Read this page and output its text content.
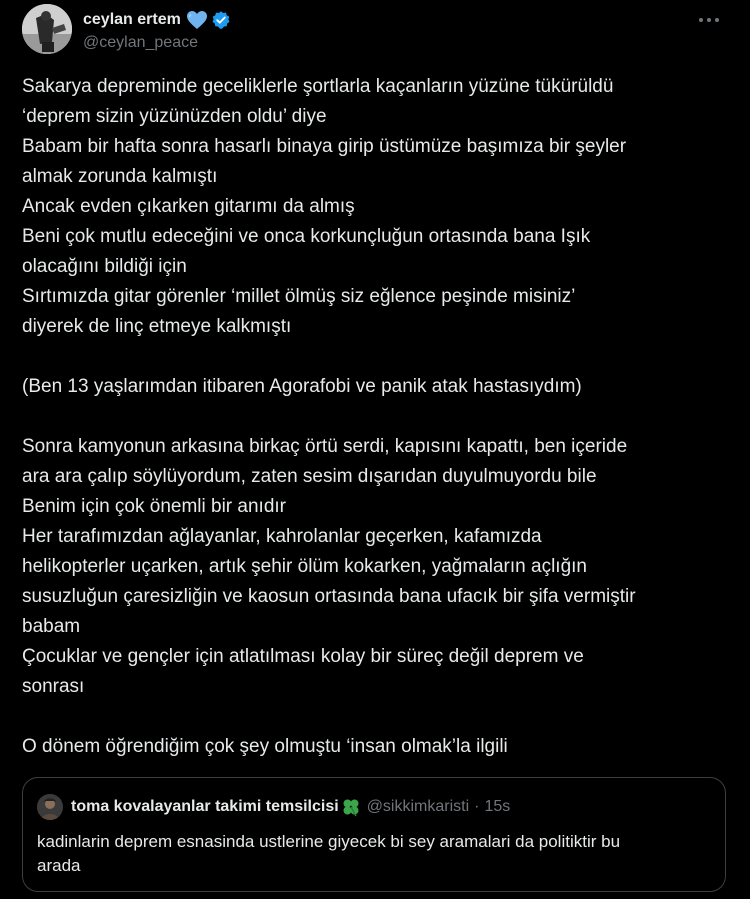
ceylan ertem
@ceylan_peace

Sakarya depreminde geceliklerle şortlarla kaçanların yüzüne tükürüldü

‘deprem sizin yüzünüzden oldu’ diye

Babam bir hafta sonra hasarlı binaya girip üstümüze başımıza bir şeyler

almak zorunda kalmıştı

Ancak evden çıkarken gitarımı da almış

Beni çok mutlu edeceğini ve onca korkunçluğun ortasında bana Işık

olacağını bildiği için

Sırtımızda gitar görenler ‘millet ölmüş siz eğlence peşinde misiniz’

diyerek de linç etmeye kalkmıştı

(Ben 13 yaşlarımdan itibaren Agorafobi ve panik atak hastasıydım)

Sonra kamyonun arkasına birkaç örtü serdi, kapısını kapattı, ben içeride

ara ara çalıp söylüyordum, zaten sesim dışarıdan duyulmuyordu bile

Benim için çok önemli bir anıdır

Her tarafımızdan ağlayanlar, kahrolanlar geçerken, kafamızda

helikopterler uçarken, artık şehir ölüm kokarken, yağmaların açlığın

susuzluğun çaresizliğin ve kaosun ortasında bana ufacık bir şifa vermiştir

babam

Çocuklar ve gençler için atlatılması kolay bir süreç değil deprem ve

sonrası

O dönem öğrendiğim çok şey olmuştu ‘insan olmak’la ilgili

toma kovalayanlar takimi temsilcisi @sikkimkaristi · 15s
kadinlarin deprem esnasinda ustlerine giyecek bi sey aramalari da politiktir bu
arada
